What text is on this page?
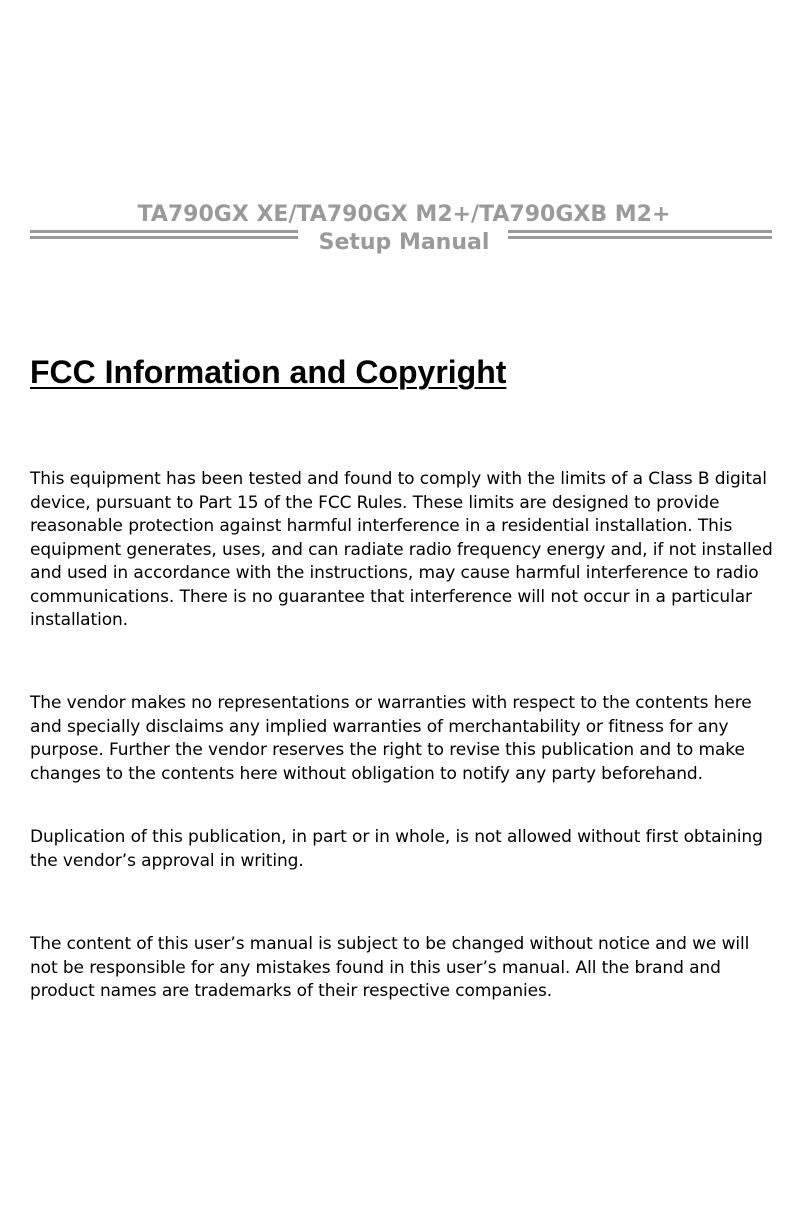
TA790GX XE/TA790GX M2+/TA790GXB M2+
Setup Manual
FCC Information and Copyright

This equipment has been tested and found to comply with the limits of a Class B digital device, pursuant to Part 15 of the FCC Rules. These limits are designed to provide reasonable protection against harmful interference in a residential installation. This equipment generates, uses, and can radiate radio frequency energy and, if not installed and used in accordance with the instructions, may cause harmful interference to radio communications. There is no guarantee that interference will not occur in a particular installation.

The vendor makes no representations or warranties with respect to the contents here and specially disclaims any implied warranties of merchantability or fitness for any purpose. Further the vendor reserves the right to revise this publication and to make changes to the contents here without obligation to notify any party beforehand.

Duplication of this publication, in part or in whole, is not allowed without first obtaining the vendor’s approval in writing.

The content of this user’s manual is subject to be changed without notice and we will not be responsible for any mistakes found in this user’s manual. All the brand and product names are trademarks of their respective companies.
